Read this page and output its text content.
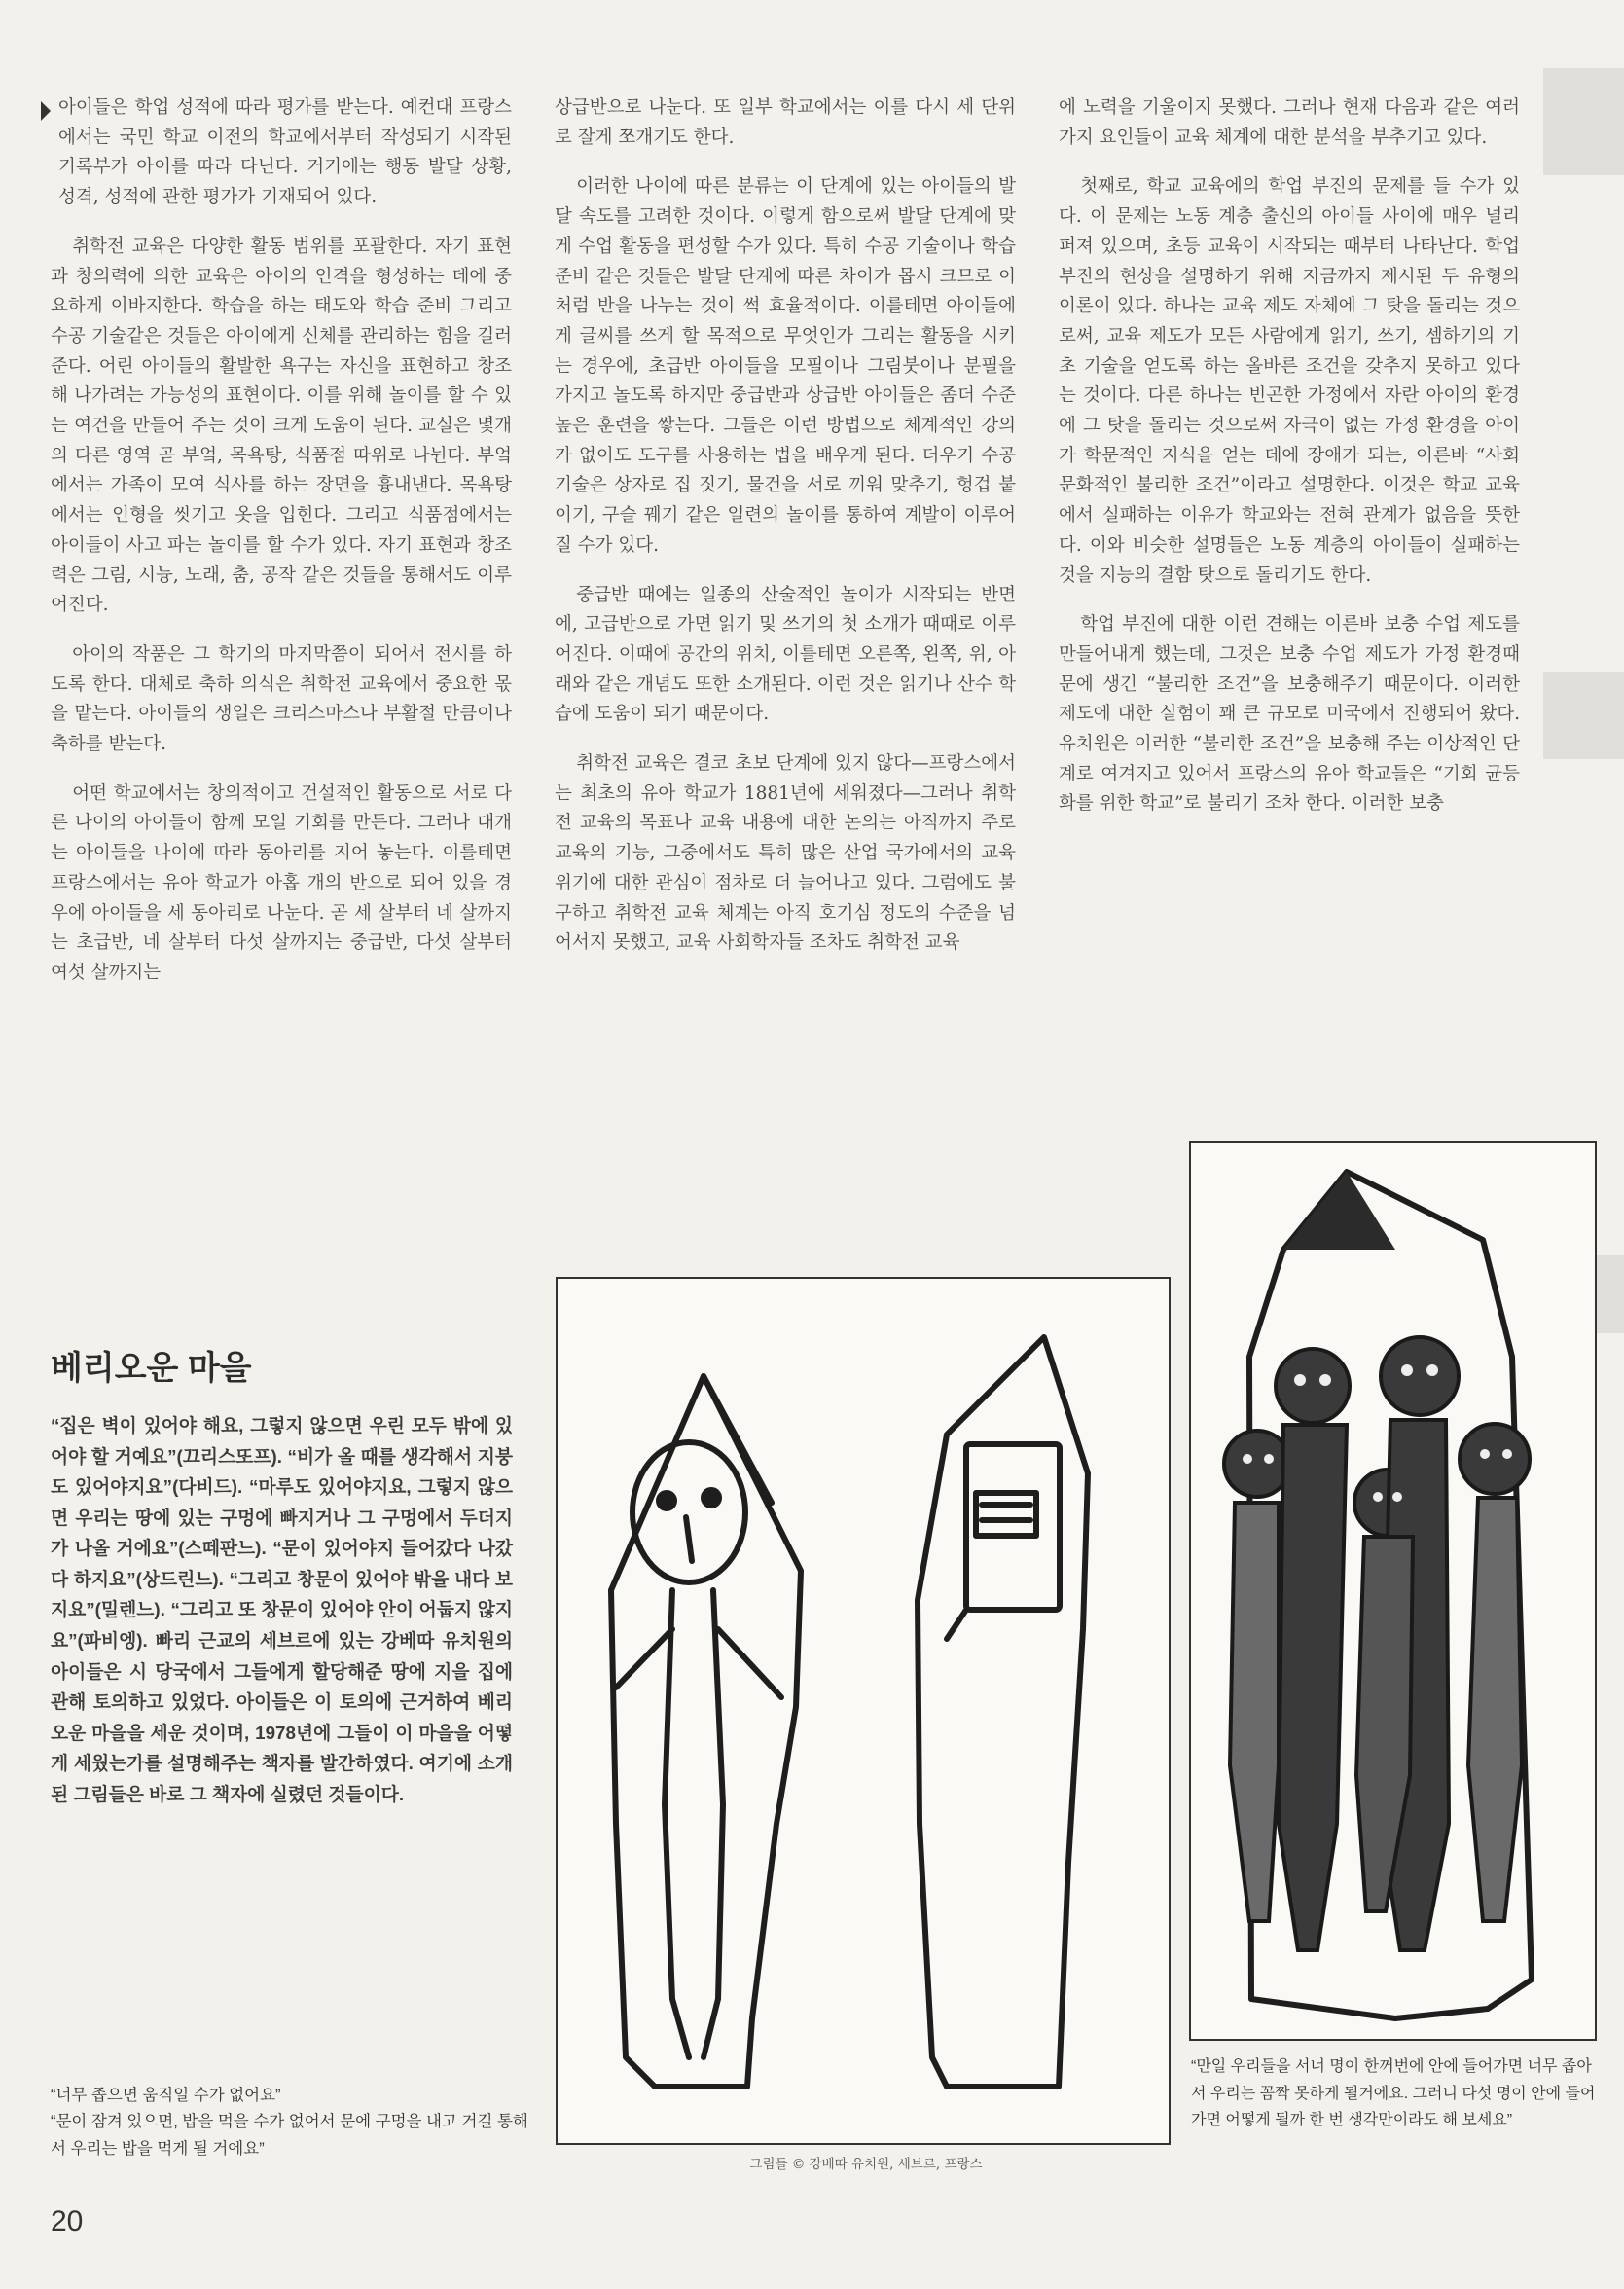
아이들은 학업 성적에 따라 평가를 받는다. 예컨대 프랑스에서는 국민 학교 이전의 학교에서부터 작성되기 시작된 기록부가 아이를 따라 다닌다. 거기에는 행동 발달 상황, 성격, 성적에 관한 평가가 기재되어 있다.

취학전 교육은 다양한 활동 범위를 포괄한다. 자기 표현과 창의력에 의한 교육은 아이의 인격을 형성하는 데에 중요하게 이바지한다. 학습을 하는 태도와 학습 준비 그리고 수공 기술같은 것들은 아이에게 신체를 관리하는 힘을 길러 준다. 어린 아이들의 활발한 욕구는 자신을 표현하고 창조해 나가려는 가능성의 표현이다. 이를 위해 놀이를 할 수 있는 여건을 만들어 주는 것이 크게 도움이 된다. 교실은 몇개의 다른 영역 곧 부엌, 목욕탕, 식품점 따위로 나뉜다. 부엌에서는 가족이 모여 식사를 하는 장면을 흉내낸다. 목욕탕에서는 인형을 씻기고 옷을 입힌다. 그리고 식품점에서는 아이들이 사고 파는 놀이를 할 수가 있다. 자기 표현과 창조력은 그림, 시늉, 노래, 춤, 공작 같은 것들을 통해서도 이루어진다.

아이의 작품은 그 학기의 마지막쯤이 되어서 전시를 하도록 한다. 대체로 축하 의식은 취학전 교육에서 중요한 몫을 맡는다. 아이들의 생일은 크리스마스나 부활절 만큼이나 축하를 받는다.

어떤 학교에서는 창의적이고 건설적인 활동으로 서로 다른 나이의 아이들이 함께 모일 기회를 만든다. 그러나 대개는 아이들을 나이에 따라 동아리를 지어 놓는다. 이를테면 프랑스에서는 유아 학교가 아홉 개의 반으로 되어 있을 경우에 아이들을 세 동아리로 나눈다. 곧 세 살부터 네 살까지는 초급반, 네 살부터 다섯 살까지는 중급반, 다섯 살부터 여섯 살까지는

상급반으로 나눈다. 또 일부 학교에서는 이를 다시 세 단위로 잘게 쪼개기도 한다.

이러한 나이에 따른 분류는 이 단계에 있는 아이들의 발달 속도를 고려한 것이다. 이렇게 함으로써 발달 단계에 맞게 수업 활동을 편성할 수가 있다. 특히 수공 기술이나 학습 준비 같은 것들은 발달 단계에 따른 차이가 몹시 크므로 이처럼 반을 나누는 것이 썩 효율적이다. 이를테면 아이들에게 글씨를 쓰게 할 목적으로 무엇인가 그리는 활동을 시키는 경우에, 초급반 아이들을 모필이나 그림붓이나 분필을 가지고 놀도록 하지만 중급반과 상급반 아이들은 좀더 수준 높은 훈련을 쌓는다. 그들은 이런 방법으로 체계적인 강의가 없이도 도구를 사용하는 법을 배우게 된다. 더우기 수공 기술은 상자로 집 짓기, 물건을 서로 끼워 맞추기, 헝겁 붙이기, 구슬 꿰기 같은 일련의 놀이를 통하여 계발이 이루어질 수가 있다.

중급반 때에는 일종의 산술적인 놀이가 시작되는 반면에, 고급반으로 가면 읽기 및 쓰기의 첫 소개가 때때로 이루어진다. 이때에 공간의 위치, 이를테면 오른쪽, 왼쪽, 위, 아래와 같은 개념도 또한 소개된다. 이런 것은 읽기나 산수 학습에 도움이 되기 때문이다.

취학전 교육은 결코 초보 단계에 있지 않다—프랑스에서는 최초의 유아 학교가 1881년에 세워졌다—그러나 취학전 교육의 목표나 교육 내용에 대한 논의는 아직까지 주로 교육의 기능, 그중에서도 특히 많은 산업 국가에서의 교육 위기에 대한 관심이 점차로 더 늘어나고 있다. 그럼에도 불구하고 취학전 교육 체계는 아직 호기심 정도의 수준을 넘어서지 못했고, 교육 사회학자들 조차도 취학전 교육

에 노력을 기울이지 못했다. 그러나 현재 다음과 같은 여러가지 요인들이 교육 체계에 대한 분석을 부추기고 있다.

첫째로, 학교 교육에의 학업 부진의 문제를 들 수가 있다. 이 문제는 노동 계층 출신의 아이들 사이에 매우 널리 퍼져 있으며, 초등 교육이 시작되는 때부터 나타난다. 학업 부진의 현상을 설명하기 위해 지금까지 제시된 두 유형의 이론이 있다. 하나는 교육 제도 자체에 그 탓을 돌리는 것으로써, 교육 제도가 모든 사람에게 읽기, 쓰기, 셈하기의 기초 기술을 얻도록 하는 올바른 조건을 갖추지 못하고 있다는 것이다. 다른 하나는 빈곤한 가정에서 자란 아이의 환경에 그 탓을 돌리는 것으로써 자극이 없는 가정 환경을 아이가 학문적인 지식을 얻는 데에 장애가 되는, 이른바 “사회 문화적인 불리한 조건”이라고 설명한다. 이것은 학교 교육에서 실패하는 이유가 학교와는 전혀 관계가 없음을 뜻한다. 이와 비슷한 설명들은 노동 계층의 아이들이 실패하는 것을 지능의 결함 탓으로 돌리기도 한다.

학업 부진에 대한 이런 견해는 이른바 보충 수업 제도를 만들어내게 했는데, 그것은 보충 수업 제도가 가정 환경때문에 생긴 “불리한 조건”을 보충해주기 때문이다. 이러한 제도에 대한 실험이 꽤 큰 규모로 미국에서 진행되어 왔다. 유치원은 이러한 “불리한 조건”을 보충해 주는 이상적인 단계로 여겨지고 있어서 프랑스의 유아 학교들은 “기회 균등화를 위한 학교”로 불리기 조차 한다. 이러한 보충

베리오운 마을
“집은 벽이 있어야 해요, 그렇지 않으면 우린 모두 밖에 있어야 할 거예요”(끄리스또프). “비가 올 때를 생각해서 지붕도 있어야지요”(다비드). “마루도 있어야지요, 그렇지 않으면 우리는 땅에 있는 구멍에 빠지거나 그 구멍에서 두더지가 나올 거에요”(스떼판느). “문이 있어야지 들어갔다 나갔다 하지요”(상드린느). “그리고 창문이 있어야 밖을 내다 보지요”(밀렌느). “그리고 또 창문이 있어야 안이 어둡지 않지요”(파비엥). 빠리 근교의 세브르에 있는 강베따 유치원의 아이들은 시 당국에서 그들에게 할당해준 땅에 지을 집에 관해 토의하고 있었다. 아이들은 이 토의에 근거하여 베리오운 마을을 세운 것이며, 1978년에 그들이 이 마을을 어떻게 세웠는가를 설명해주는 책자를 발간하였다. 여기에 소개된 그림들은 바로 그 책자에 실렸던 것들이다.
“너무 좁으면 움직일 수가 없어요”
“문이 잠겨 있으면, 밥을 먹을 수가 없어서 문에 구멍을 내고 거길 통해서 우리는 밥을 먹게 될 거에요”
20
“만일 우리들을 서너 명이 한꺼번에 안에 들어가면 너무 좁아서 우리는 꼼짝 못하게 될거에요. 그러니 다섯 명이 안에 들어가면 어떻게 될까 한 번 생각만이라도 해 보세요”
그림들 © 강베따 유치원, 세브르, 프랑스
